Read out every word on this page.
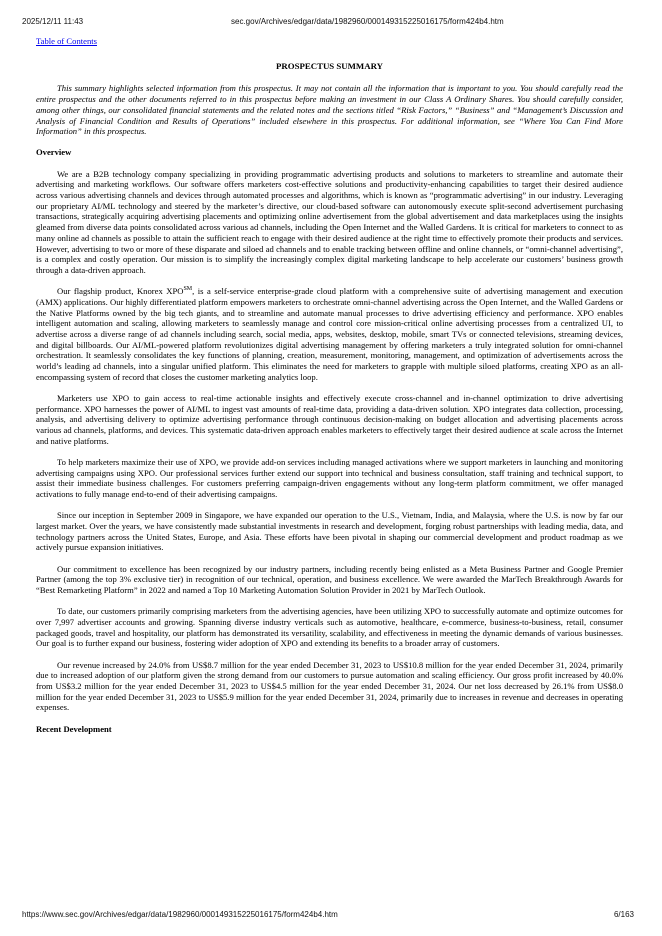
2025/12/11 11:43	sec.gov/Archives/edgar/data/1982960/000149315225016175/form424b4.htm
Table of Contents
PROSPECTUS SUMMARY

This summary highlights selected information from this prospectus. It may not contain all the information that is important to you. You should carefully read the entire prospectus and the other documents referred to in this prospectus before making an investment in our Class A Ordinary Shares. You should carefully consider, among other things, our consolidated financial statements and the related notes and the sections titled “Risk Factors,” “Business” and “Management’s Discussion and Analysis of Financial Condition and Results of Operations” included elsewhere in this prospectus. For additional information, see “Where You Can Find More Information” in this prospectus.

Overview

We are a B2B technology company specializing in providing programmatic advertising products and solutions to marketers to streamline and automate their advertising and marketing workflows. Our software offers marketers cost-effective solutions and productivity-enhancing capabilities to target their desired audience across various advertising channels and devices through automated processes and algorithms, which is known as “programmatic advertising” in our industry. Leveraging our proprietary AI/ML technology and steered by the marketer’s directive, our cloud-based software can autonomously execute split-second advertisement purchasing transactions, strategically acquiring advertising placements and optimizing online advertisement from the global advertisement and data marketplaces using the insights gleamed from diverse data points consolidated across various ad channels, including the Open Internet and the Walled Gardens. It is critical for marketers to connect to as many online ad channels as possible to attain the sufficient reach to engage with their desired audience at the right time to effectively promote their products and services. However, advertising to two or more of these disparate and siloed ad channels and to enable tracking between offline and online channels, or “omni-channel advertising”, is a complex and costly operation. Our mission is to simplify the increasingly complex digital marketing landscape to help accelerate our customers’ business growth through a data-driven approach.

Our flagship product, Knorex XPO℠, is a self-service enterprise-grade cloud platform with a comprehensive suite of advertising management and execution (AMX) applications. Our highly differentiated platform empowers marketers to orchestrate omni-channel advertising across the Open Internet, and the Walled Gardens or the Native Platforms owned by the big tech giants, and to streamline and automate manual processes to drive advertising efficiency and performance. XPO enables intelligent automation and scaling, allowing marketers to seamlessly manage and control core mission-critical online advertising processes from a centralized UI, to advertise across a diverse range of ad channels including search, social media, apps, websites, desktop, mobile, smart TVs or connected televisions, streaming devices, and digital billboards. Our AI/ML-powered platform revolutionizes digital advertising management by offering marketers a truly integrated solution for omni-channel orchestration. It seamlessly consolidates the key functions of planning, creation, measurement, monitoring, management, and optimization of advertisements across the world’s leading ad channels, into a singular unified platform. This eliminates the need for marketers to grapple with multiple siloed platforms, creating XPO as an all-encompassing system of record that closes the customer marketing analytics loop.

Marketers use XPO to gain access to real-time actionable insights and effectively execute cross-channel and in-channel optimization to drive advertising performance. XPO harnesses the power of AI/ML to ingest vast amounts of real-time data, providing a data-driven solution. XPO integrates data collection, processing, analysis, and advertising delivery to optimize advertising performance through continuous decision-making on budget allocation and advertising placements across various ad channels, platforms, and devices. This systematic data-driven approach enables marketers to effectively target their desired audience at scale across the Internet and native platforms.

To help marketers maximize their use of XPO, we provide add-on services including managed activations where we support marketers in launching and monitoring advertising campaigns using XPO. Our professional services further extend our support into technical and business consultation, staff training and technical support, to assist their immediate business challenges. For customers preferring campaign-driven engagements without any long-term platform commitment, we offer managed activations to fully manage end-to-end of their advertising campaigns.

Since our inception in September 2009 in Singapore, we have expanded our operation to the U.S., Vietnam, India, and Malaysia, where the U.S. is now by far our largest market. Over the years, we have consistently made substantial investments in research and development, forging robust partnerships with leading media, data, and technology partners across the United States, Europe, and Asia. These efforts have been pivotal in shaping our commercial development and product roadmap as we actively pursue expansion initiatives.

Our commitment to excellence has been recognized by our industry partners, including recently being enlisted as a Meta Business Partner and Google Premier Partner (among the top 3% exclusive tier) in recognition of our technical, operation, and business excellence. We were awarded the MarTech Breakthrough Awards for “Best Remarketing Platform” in 2022 and named a Top 10 Marketing Automation Solution Provider in 2021 by MarTech Outlook.

To date, our customers primarily comprising marketers from the advertising agencies, have been utilizing XPO to successfully automate and optimize outcomes for over 7,997 advertiser accounts and growing. Spanning diverse industry verticals such as automotive, healthcare, e-commerce, business-to-business, retail, consumer packaged goods, travel and hospitality, our platform has demonstrated its versatility, scalability, and effectiveness in meeting the dynamic demands of various businesses. Our goal is to further expand our business, fostering wider adoption of XPO and extending its benefits to a broader array of customers.

Our revenue increased by 24.0% from US$8.7 million for the year ended December 31, 2023 to US$10.8 million for the year ended December 31, 2024, primarily due to increased adoption of our platform given the strong demand from our customers to pursue automation and scaling efficiency. Our gross profit increased by 40.0% from US$3.2 million for the year ended December 31, 2023 to US$4.5 million for the year ended December 31, 2024. Our net loss decreased by 26.1% from US$8.0 million for the year ended December 31, 2023 to US$5.9 million for the year ended December 31, 2024, primarily due to increases in revenue and decreases in operating expenses.

Recent Development
https://www.sec.gov/Archives/edgar/data/1982960/000149315225016175/form424b4.htm	6/163
